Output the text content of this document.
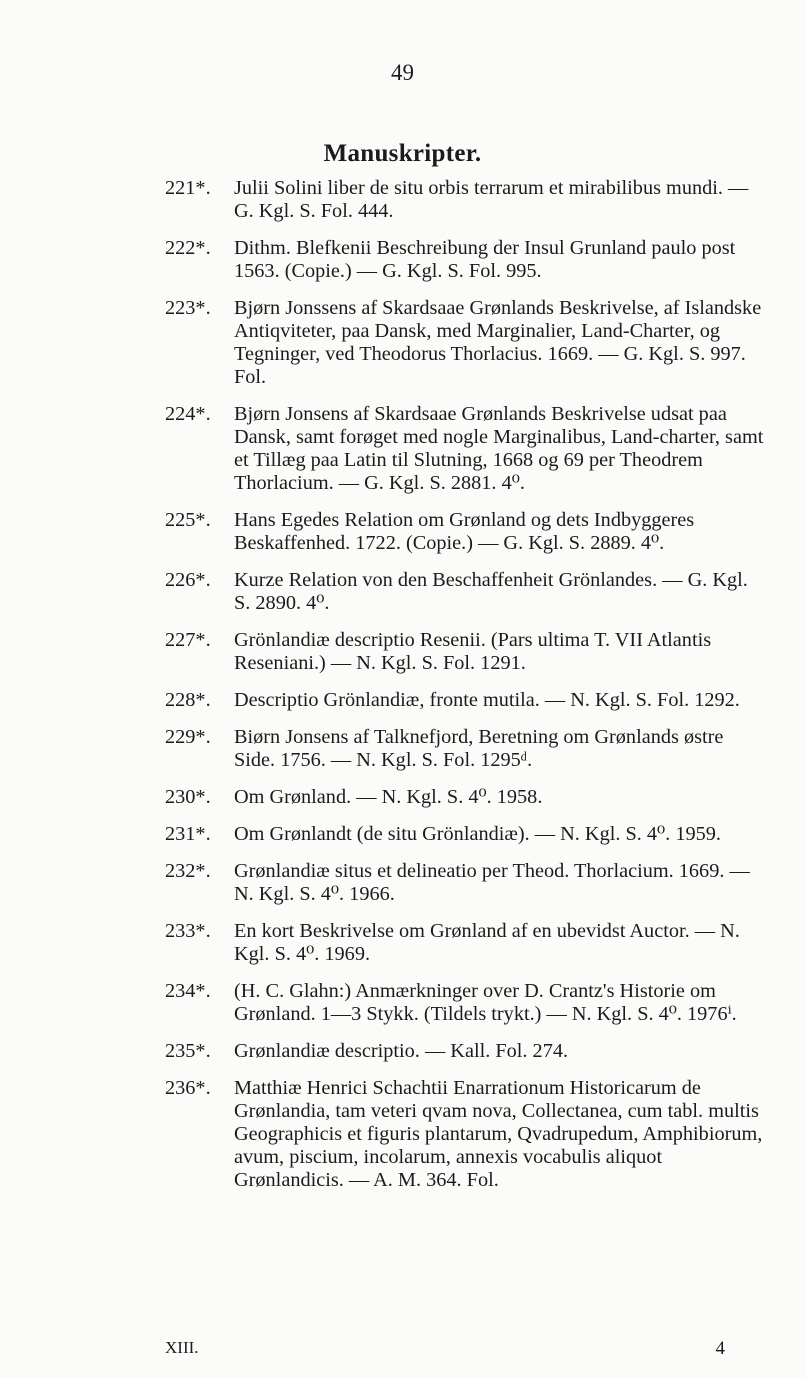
49
Manuskripter.
221*. Julii Solini liber de situ orbis terrarum et mirabilibus mundi. — G. Kgl. S. Fol. 444.
222*. Dithm. Blefkenii Beschreibung der Insul Grunland paulo post 1563. (Copie.) — G. Kgl. S. Fol. 995.
223*. Bjørn Jonssens af Skardsaae Grønlands Beskrivelse, af Islandske Antiqviteter, paa Dansk, med Marginalier, Land-Charter, og Tegninger, ved Theodorus Thorlacius. 1669. — G. Kgl. S. 997. Fol.
224*. Bjørn Jonsens af Skardsaae Grønlands Beskrivelse udsat paa Dansk, samt forøget med nogle Marginalibus, Land-charter, samt et Tillæg paa Latin til Slutning, 1668 og 69 per Theodrem Thorlacium. — G. Kgl. S. 2881. 4⁰.
225*. Hans Egedes Relation om Grønland og dets Indbyggeres Beskaffenhed. 1722. (Copie.) — G. Kgl. S. 2889. 4⁰.
226*. Kurze Relation von den Beschaffenheit Grönlandes. — G. Kgl. S. 2890. 4⁰.
227*. Grönlandiæ descriptio Resenii. (Pars ultima T. VII Atlantis Reseniani.) — N. Kgl. S. Fol. 1291.
228*. Descriptio Grönlandiæ, fronte mutila. — N. Kgl. S. Fol. 1292.
229*. Biørn Jonsens af Talknefjord, Beretning om Grønlands østre Side. 1756. — N. Kgl. S. Fol. 1295ᵈ.
230*. Om Grønland. — N. Kgl. S. 4⁰. 1958.
231*. Om Grønlandt (de situ Grönlandiæ). — N. Kgl. S. 4⁰. 1959.
232*. Grønlandiæ situs et delineatio per Theod. Thorlacium. 1669. — N. Kgl. S. 4⁰. 1966.
233*. En kort Beskrivelse om Grønland af en ubevidst Auctor. — N. Kgl. S. 4⁰. 1969.
234*. (H. C. Glahn:) Anmærkninger over D. Crantz's Historie om Grønland. 1—3 Stykk. (Tildels trykt.) — N. Kgl. S. 4⁰. 1976ⁱ.
235*. Grønlandiæ descriptio. — Kall. Fol. 274.
236*. Matthiæ Henrici Schachtii Enarrationum Historicarum de Grønlandia, tam veteri qvam nova, Collectanea, cum tabl. multis Geographicis et figuris plantarum, Qvadrupedum, Amphibiorum, avum, piscium, incolarum, annexis vocabulis aliquot Grønlandicis. — A. M. 364. Fol.
XIII.	4
